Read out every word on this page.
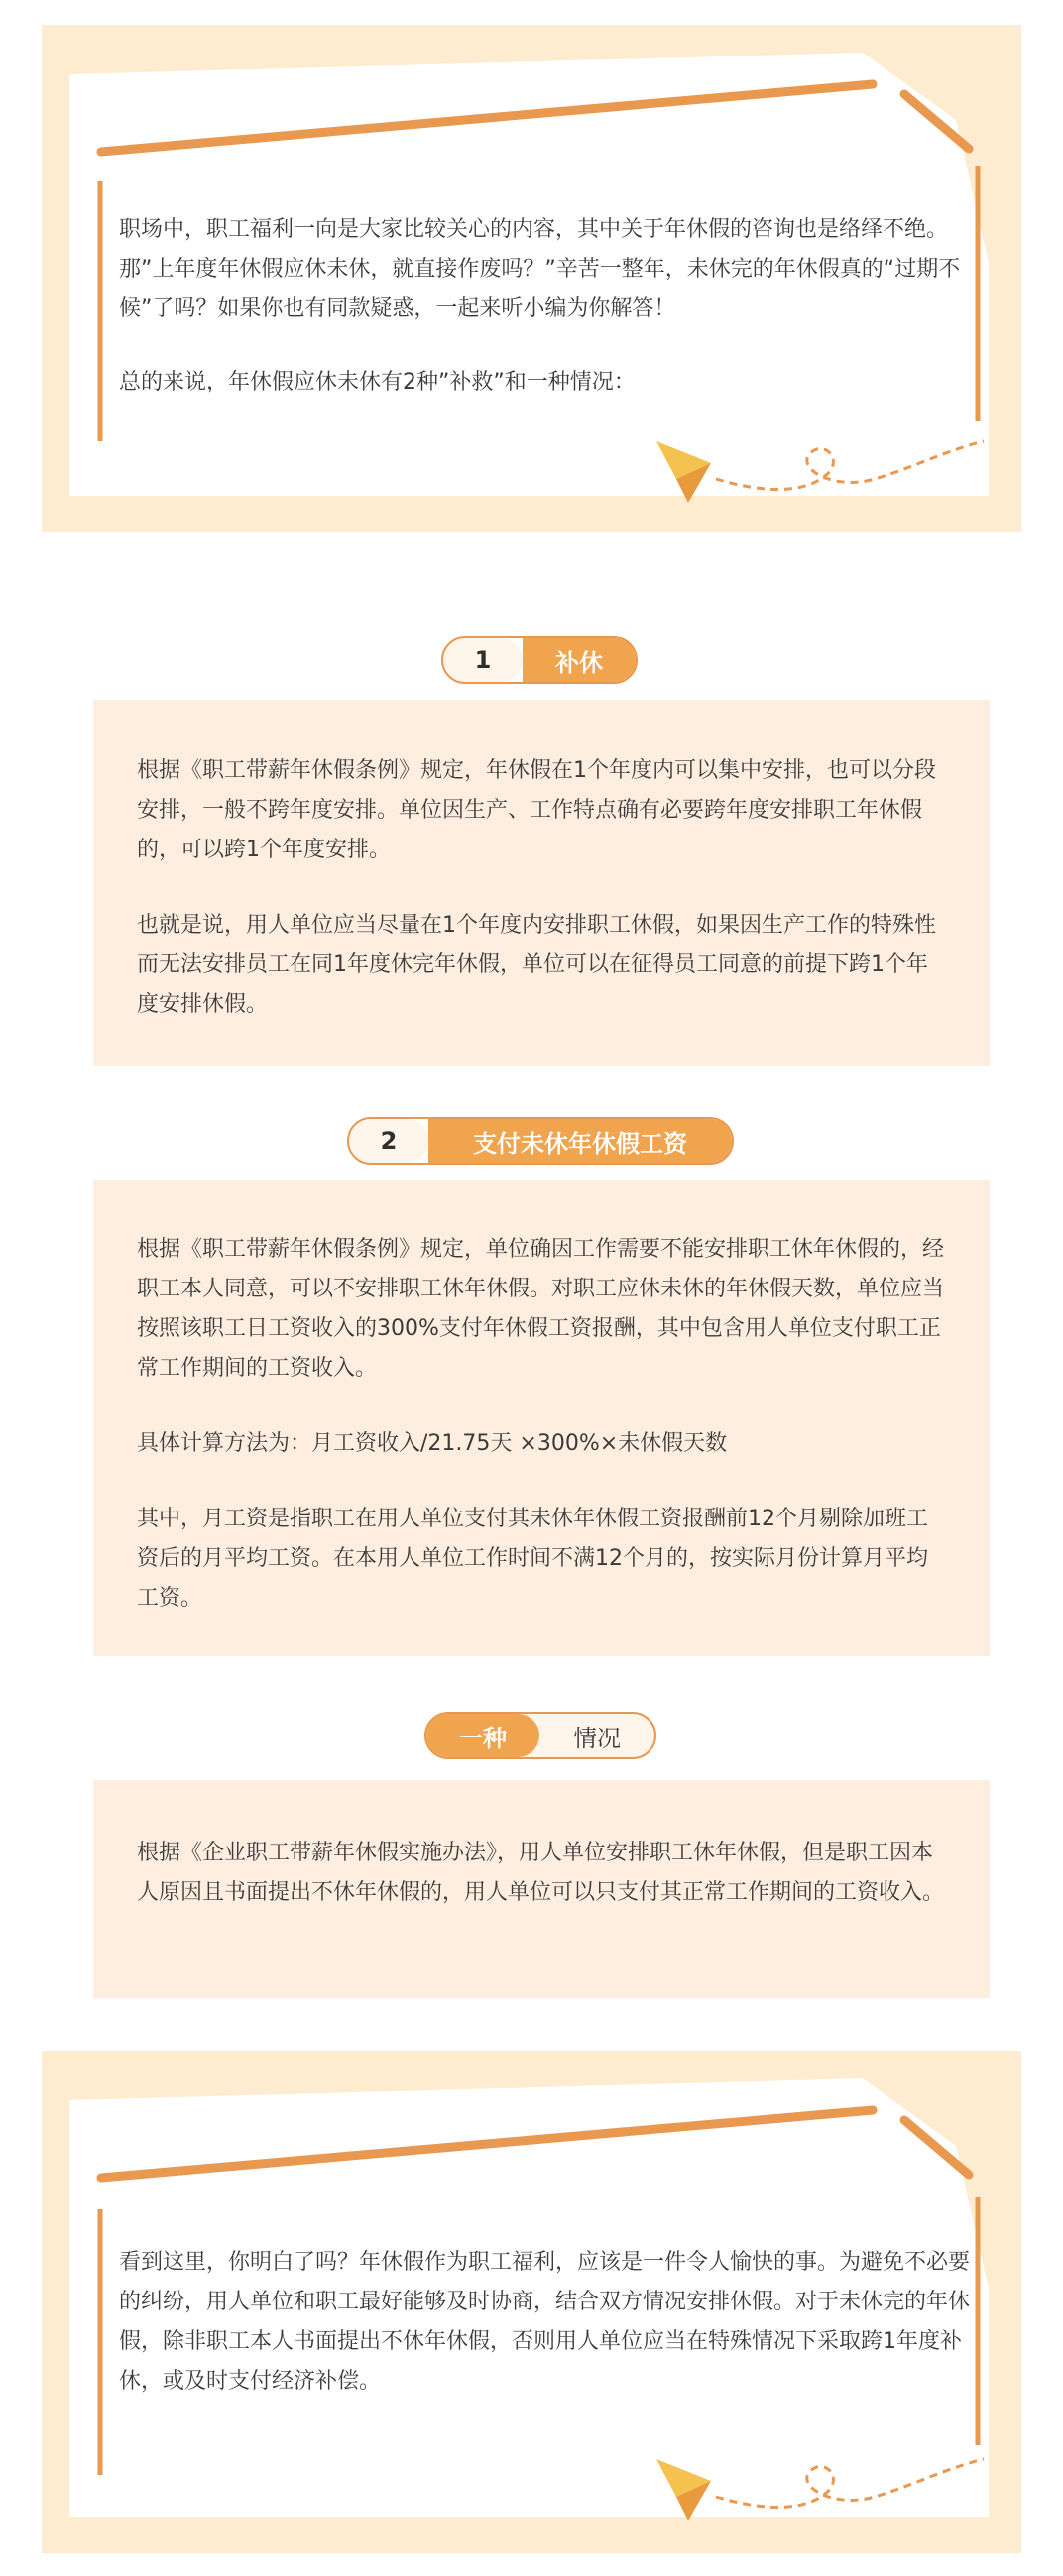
职场中，职工福利一向是大家比较关心的内容，其中关于年休假的咨询也是络绎不绝。那”上年度年休假应休未休，就直接作废吗？”辛苦一整年，未休完的年休假真的“过期不候”了吗？如果你也有同款疑惑，一起来听小编为你解答！

总的来说，年休假应休未休有2种”补救”和一种情况：

1	补休

根据《职工带薪年休假条例》规定，年休假在1个年度内可以集中安排，也可以分段安排，一般不跨年度安排。单位因生产、工作特点确有必要跨年度安排职工年休假的，可以跨1个年度安排。

也就是说，用人单位应当尽量在1个年度内安排职工休假，如果因生产工作的特殊性而无法安排员工在同1年度休完年休假，单位可以在征得员工同意的前提下跨1个年度安排休假。

2	支付未休年休假工资

根据《职工带薪年休假条例》规定，单位确因工作需要不能安排职工休年休假的，经职工本人同意，可以不安排职工休年休假。对职工应休未休的年休假天数，单位应当按照该职工日工资收入的300%支付年休假工资报酬，其中包含用人单位支付职工正常工作期间的工资收入。

具体计算方法为：月工资收入/21.75天 ×300%×未休假天数

其中，月工资是指职工在用人单位支付其未休年休假工资报酬前12个月剔除加班工资后的月平均工资。在本用人单位工作时间不满12个月的，按实际月份计算月平均工资。

一种	情况

根据《企业职工带薪年休假实施办法》，用人单位安排职工休年休假，但是职工因本人原因且书面提出不休年休假的，用人单位可以只支付其正常工作期间的工资收入。

看到这里，你明白了吗？年休假作为职工福利，应该是一件令人愉快的事。为避免不必要的纠纷，用人单位和职工最好能够及时协商，结合双方情况安排休假。对于未休完的年休假，除非职工本人书面提出不休年休假，否则用人单位应当在特殊情况下采取跨1年度补休，或及时支付经济补偿。
